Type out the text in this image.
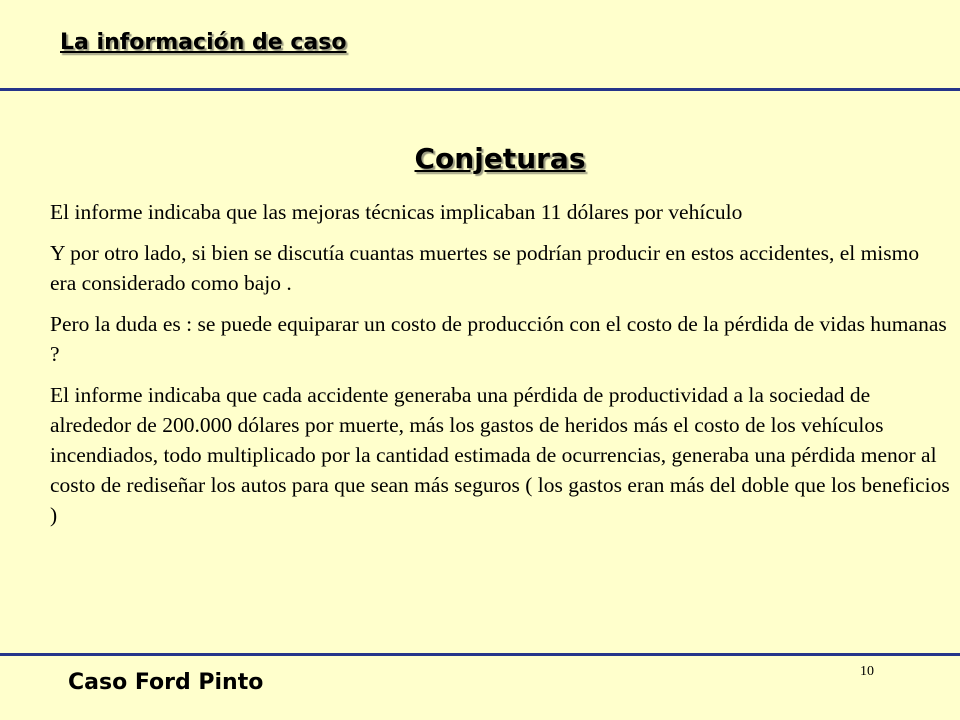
La información de caso
Conjeturas

El informe indicaba que las mejoras técnicas implicaban 11 dólares por vehículo

Y por otro lado, si bien se discutía cuantas muertes se podrían producir en estos accidentes, el mismo era considerado como bajo .

Pero la duda es : se puede equiparar un costo de producción con el costo de la pérdida de vidas humanas ?

El informe indicaba que cada accidente generaba una pérdida de productividad a la sociedad de alrededor de 200.000 dólares por muerte, más los gastos de heridos más el costo de los vehículos incendiados, todo multiplicado por la cantidad estimada de ocurrencias, generaba una pérdida menor al costo de rediseñar los autos para que sean más seguros ( los gastos eran más del doble que los beneficios )

10
Caso Ford Pinto
